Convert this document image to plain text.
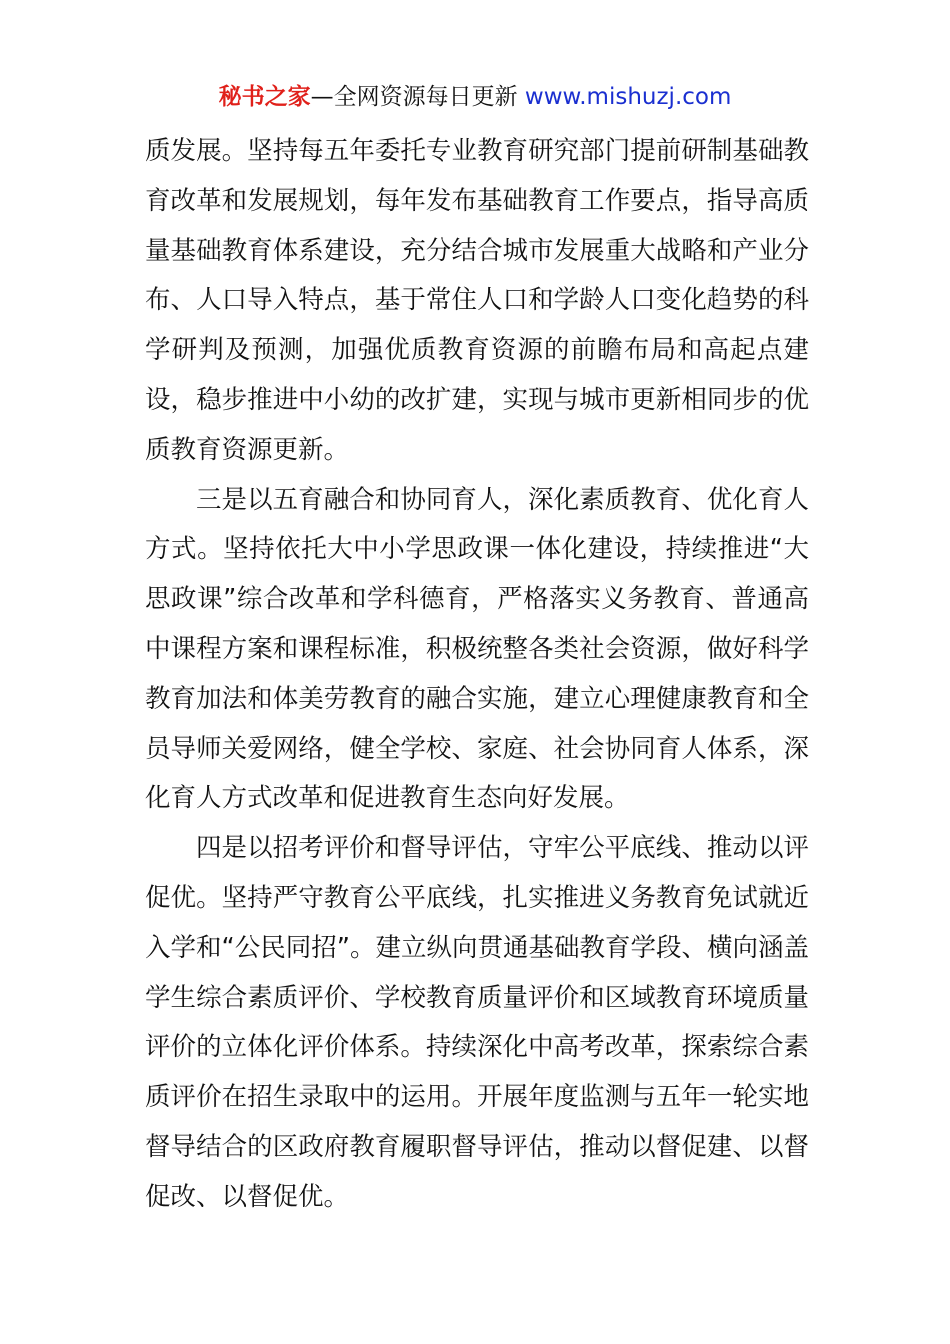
秘书之家—全网资源每日更新 www.mishuzj.com

质发展。坚持每五年委托专业教育研究部门提前研制基础教育改革和发展规划，每年发布基础教育工作要点，指导高质量基础教育体系建设，充分结合城市发展重大战略和产业分布、人口导入特点，基于常住人口和学龄人口变化趋势的科学研判及预测，加强优质教育资源的前瞻布局和高起点建设，稳步推进中小幼的改扩建，实现与城市更新相同步的优质教育资源更新。

三是以五育融合和协同育人，深化素质教育、优化育人方式。坚持依托大中小学思政课一体化建设，持续推进“大思政课”综合改革和学科德育，严格落实义务教育、普通高中课程方案和课程标准，积极统整各类社会资源，做好科学教育加法和体美劳教育的融合实施，建立心理健康教育和全员导师关爱网络，健全学校、家庭、社会协同育人体系，深化育人方式改革和促进教育生态向好发展。

四是以招考评价和督导评估，守牢公平底线、推动以评促优。坚持严守教育公平底线，扎实推进义务教育免试就近入学和“公民同招”。建立纵向贯通基础教育学段、横向涵盖学生综合素质评价、学校教育质量评价和区域教育环境质量评价的立体化评价体系。持续深化中高考改革，探索综合素质评价在招生录取中的运用。开展年度监测与五年一轮实地督导结合的区政府教育履职督导评估，推动以督促建、以督促改、以督促优。
